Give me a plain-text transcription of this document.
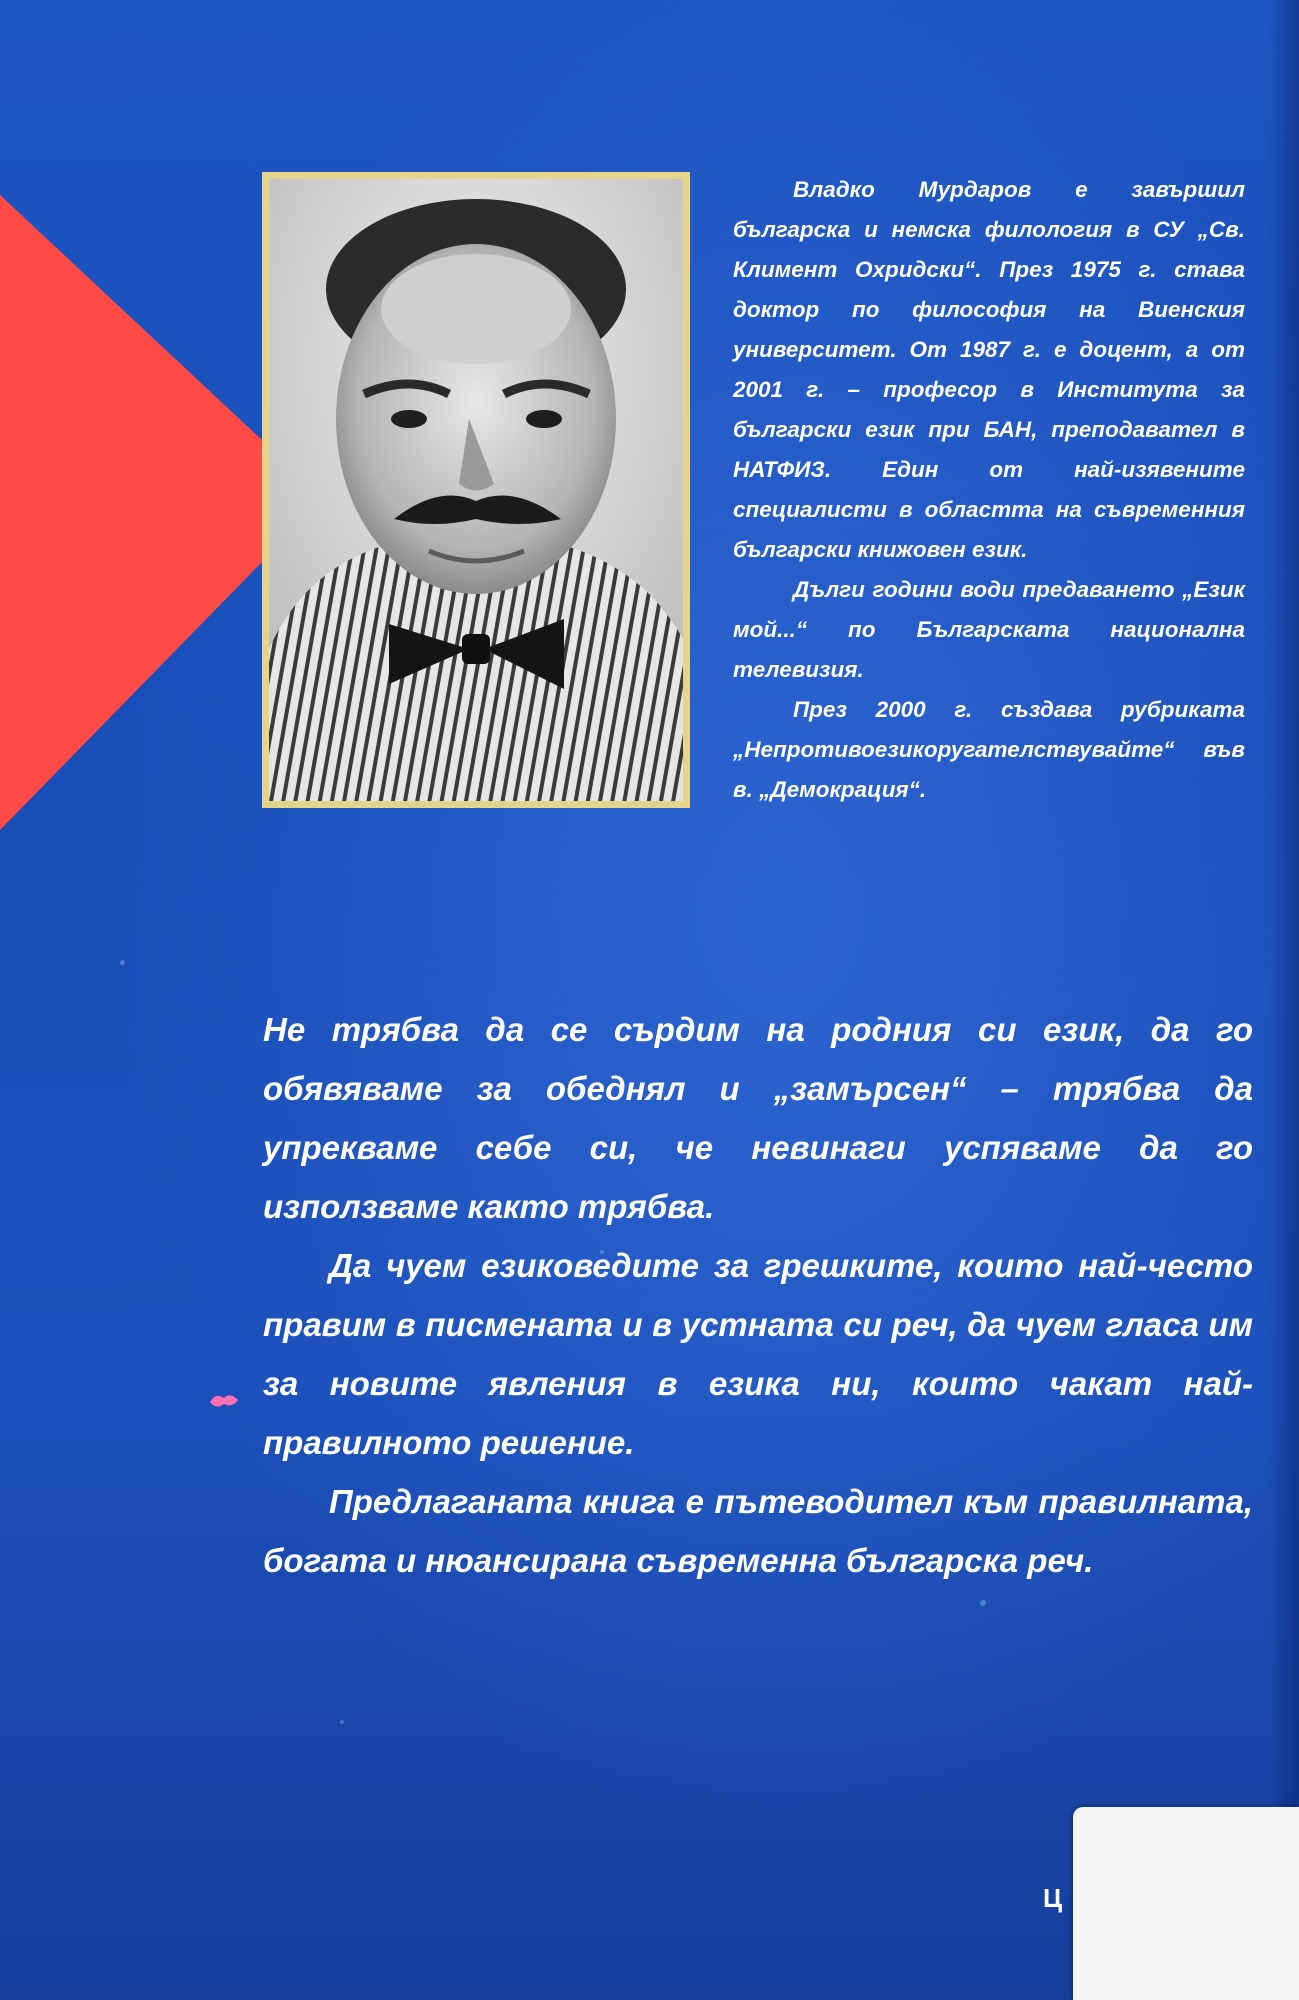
Владко Мурдаров е завършил българска и немска филология в СУ „Св. Климент Охридски“. През 1975 г. става доктор по философия на Виенския университет. От 1987 г. е доцент, а от 2001 г. – професор в Института за български език при БАН, преподавател в НАТФИЗ. Един от най-изявените специалисти в областта на съвременния български книжовен език.

Дълги години води предаването „Език мой...“ по Българската национална телевизия.

През 2000 г. създава рубриката „Непротивоезикоругателствувайте“ във в. „Демокрация“.

Не трябва да се сърдим на родния си език, да го обявяваме за обеднял и „замърсен“ – трябва да упрекваме себе си, че невинаги успяваме да го използваме както трябва.

Да чуем езиковедите за грешките, които най-често правим в писмената и в устната си реч, да чуем гласа им за новите явления в езика ни, които чакат най-правилното решение.

Предлаганата книга е пътеводител към правилната, богата и нюансирана съвременна българска реч.

Ц
